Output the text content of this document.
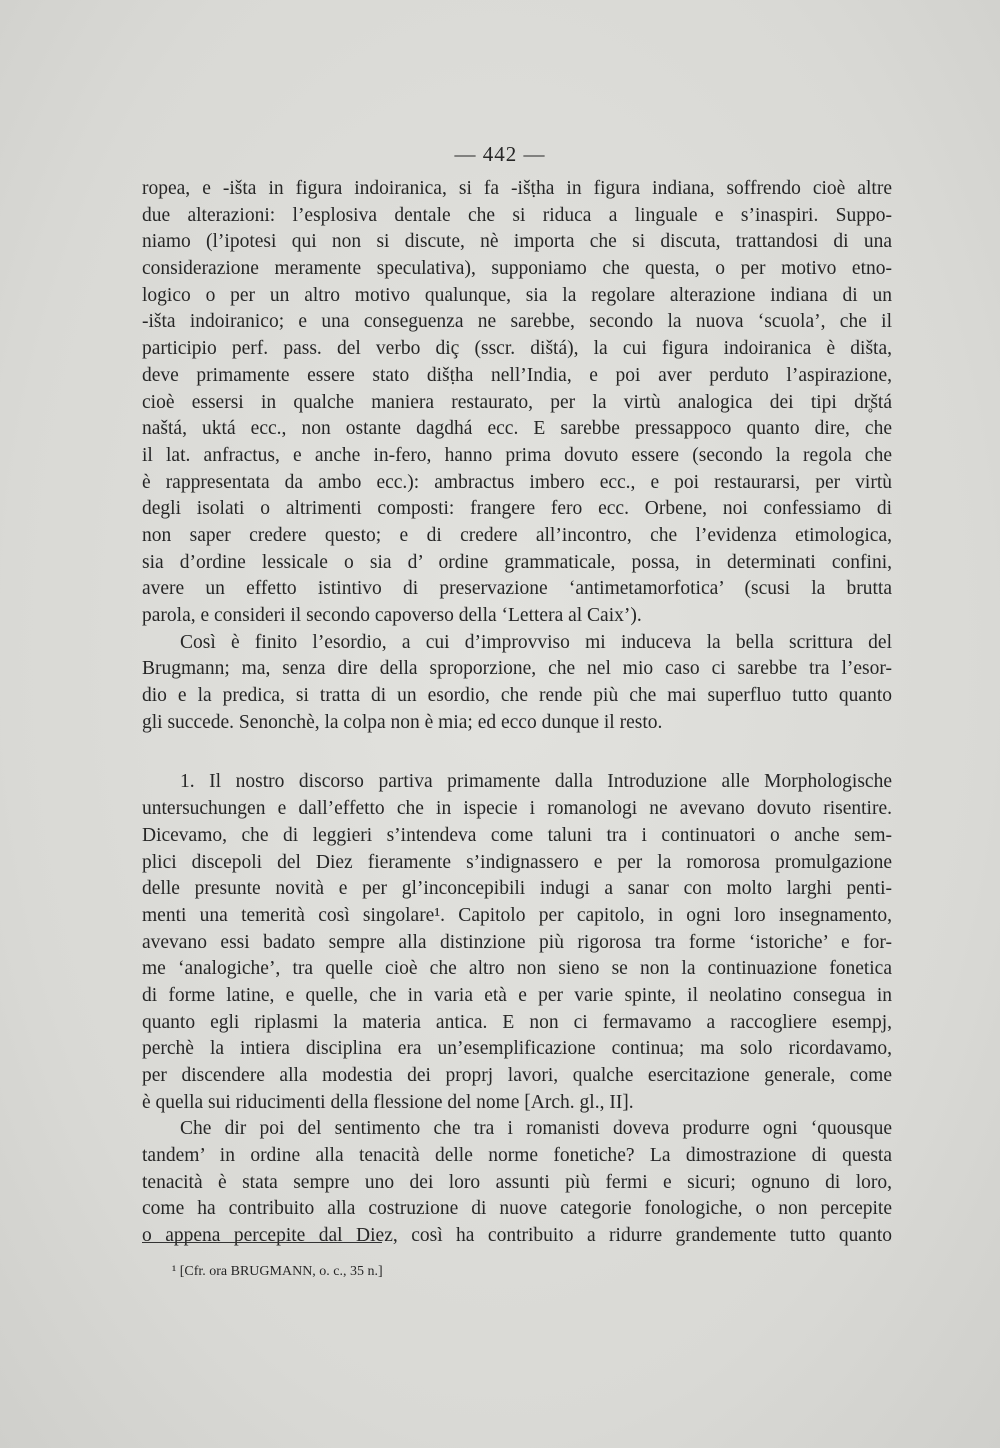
— 442 —
ropea, e -išta in figura indoiranica, si fa -išṭha in figura indiana, soffrendo cioè altre
due alterazioni: l’esplosiva dentale che si riduca a linguale e s’inaspiri. Suppo-
niamo (l’ipotesi qui non si discute, nè importa che si discuta, trattandosi di una
considerazione meramente speculativa), supponiamo che questa, o per motivo etno-
logico o per un altro motivo qualunque, sia la regolare alterazione indiana di un
-išta indoiranico; e una conseguenza ne sarebbe, secondo la nuova ‘scuola’, che il
participio perf. pass. del verbo diç (sscr. dištá), la cui figura indoiranica è dišta,
deve primamente essere stato dišṭha nell’India, e poi aver perduto l’aspirazione,
cioè essersi in qualche maniera restaurato, per la virtù analogica dei tipi dr̥štá
naštá, uktá ecc., non ostante dagdhá ecc. E sarebbe pressappoco quanto dire, che
il lat. anfractus, e anche in-fero, hanno prima dovuto essere (secondo la regola che
è rappresentata da ambo ecc.): ambractus imbero ecc., e poi restaurarsi, per virtù
degli isolati o altrimenti composti: frangere fero ecc. Orbene, noi confessiamo di
non saper credere questo; e di credere all’incontro, che l’evidenza etimologica,
sia d’ordine lessicale o sia d’ ordine grammaticale, possa, in determinati confini,
avere un effetto istintivo di preservazione ‘antimetamorfotica’ (scusi la brutta
parola, e consideri il secondo capoverso della ‘Lettera al Caix’).
Così è finito l’esordio, a cui d’improvviso mi induceva la bella scrittura del
Brugmann; ma, senza dire della sproporzione, che nel mio caso ci sarebbe tra l’esor-
dio e la predica, si tratta di un esordio, che rende più che mai superfluo tutto quanto
gli succede. Senonchè, la colpa non è mia; ed ecco dunque il resto.
1. Il nostro discorso partiva primamente dalla Introduzione alle Morphologische
untersuchungen e dall’effetto che in ispecie i romanologi ne avevano dovuto risentire.
Dicevamo, che di leggieri s’intendeva come taluni tra i continuatori o anche sem-
plici discepoli del Diez fieramente s’indignassero e per la romorosa promulgazione
delle presunte novità e per gl’inconcepibili indugi a sanar con molto larghi penti-
menti una temerità così singolare¹. Capitolo per capitolo, in ogni loro insegnamento,
avevano essi badato sempre alla distinzione più rigorosa tra forme ‘istoriche’ e for-
me ‘analogiche’, tra quelle cioè che altro non sieno se non la continuazione fonetica
di forme latine, e quelle, che in varia età e per varie spinte, il neolatino consegua in
quanto egli riplasmi la materia antica. E non ci fermavamo a raccogliere esempj,
perchè la intiera disciplina era un’esemplificazione continua; ma solo ricordavamo,
per discendere alla modestia dei proprj lavori, qualche esercitazione generale, come
è quella sui riducimenti della flessione del nome [Arch. gl., II].
Che dir poi del sentimento che tra i romanisti doveva produrre ogni ‘quousque
tandem’ in ordine alla tenacità delle norme fonetiche? La dimostrazione di questa
tenacità è stata sempre uno dei loro assunti più fermi e sicuri; ognuno di loro,
come ha contribuito alla costruzione di nuove categorie fonologiche, o non percepite
o appena percepite dal Diez, così ha contribuito a ridurre grandemente tutto quanto
¹ [Cfr. ora BRUGMANN, o. c., 35 n.]
